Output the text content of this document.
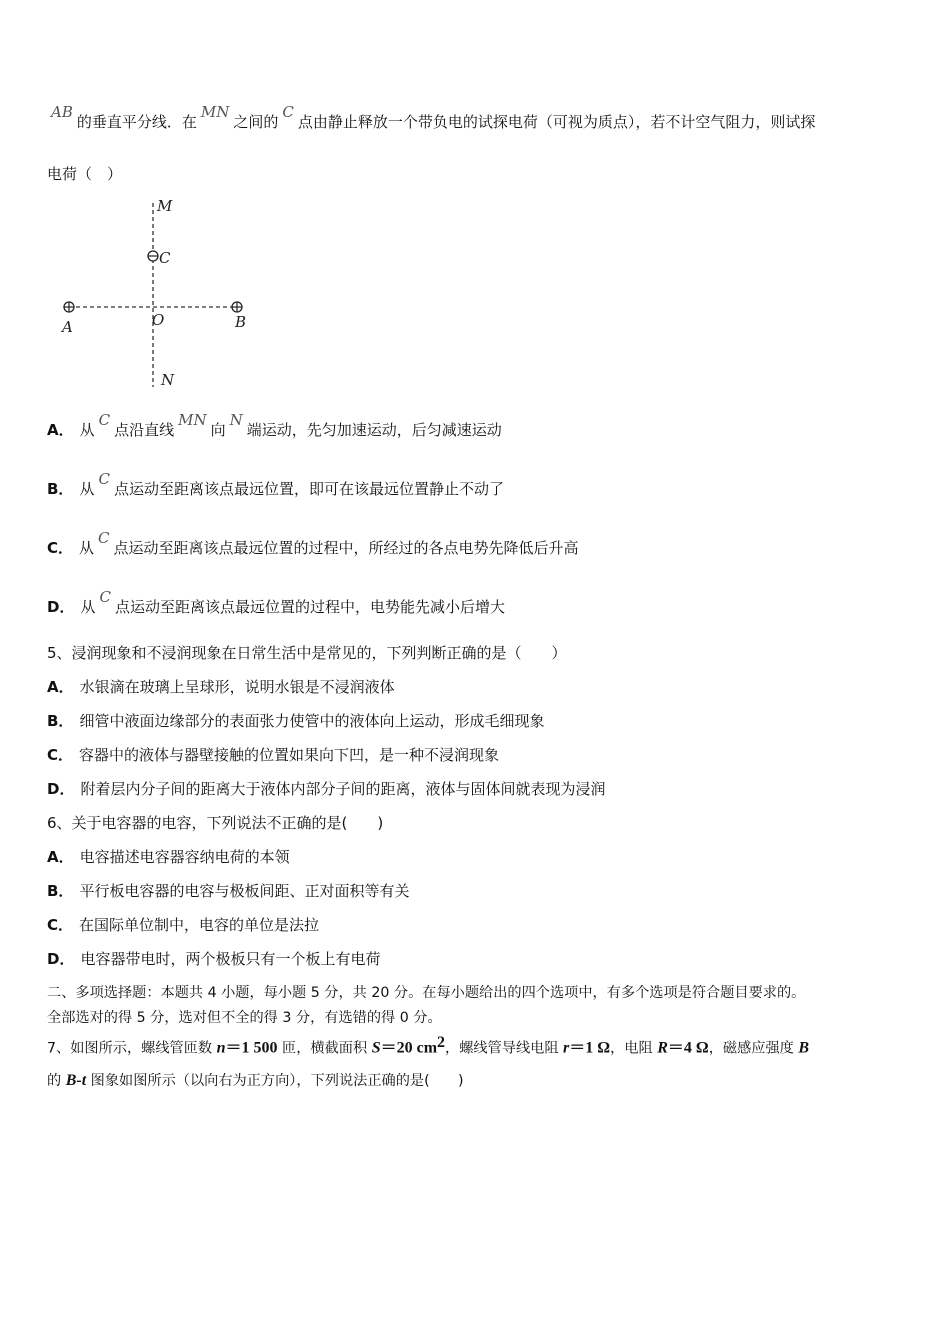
AB的垂直平分线．在MN之间的C点由静止释放一个带负电的试探电荷（可视为质点），若不计空气阻力，则试探
电荷（　）
M
C
A	O	B
N
A． 从C点沿直线MN向N端运动，先匀加速运动，后匀减速运动
B． 从C点运动至距离该点最远位置，即可在该最远位置静止不动了
C． 从C点运动至距离该点最远位置的过程中，所经过的各点电势先降低后升高
D． 从C点运动至距离该点最远位置的过程中，电势能先减小后增大
5、浸润现象和不浸润现象在日常生活中是常见的，下列判断正确的是（　　）
A． 水银滴在玻璃上呈球形，说明水银是不浸润液体
B． 细管中液面边缘部分的表面张力使管中的液体向上运动，形成毛细现象
C． 容器中的液体与器壁接触的位置如果向下凹，是一种不浸润现象
D． 附着层内分子间的距离大于液体内部分子间的距离，液体与固体间就表现为浸润
6、关于电容器的电容，下列说法不正确的是(　　)
A． 电容描述电容器容纳电荷的本领
B． 平行板电容器的电容与极板间距、正对面积等有关
C． 在国际单位制中，电容的单位是法拉
D． 电容器带电时，两个极板只有一个板上有电荷
二、多项选择题：本题共 4 小题，每小题 5 分，共 20 分。在每小题给出的四个选项中，有多个选项是符合题目要求的。
全部选对的得 5 分，选对但不全的得 3 分，有选错的得 0 分。
7、如图所示，螺线管匝数 n＝1 500 匝，横截面积 S＝20 $cm^2$，螺线管导线电阻 r＝1 Ω，电阻 R＝4 Ω，磁感应强度 B
的 B-t 图象如图所示（以向右为正方向），下列说法正确的是(　　)
